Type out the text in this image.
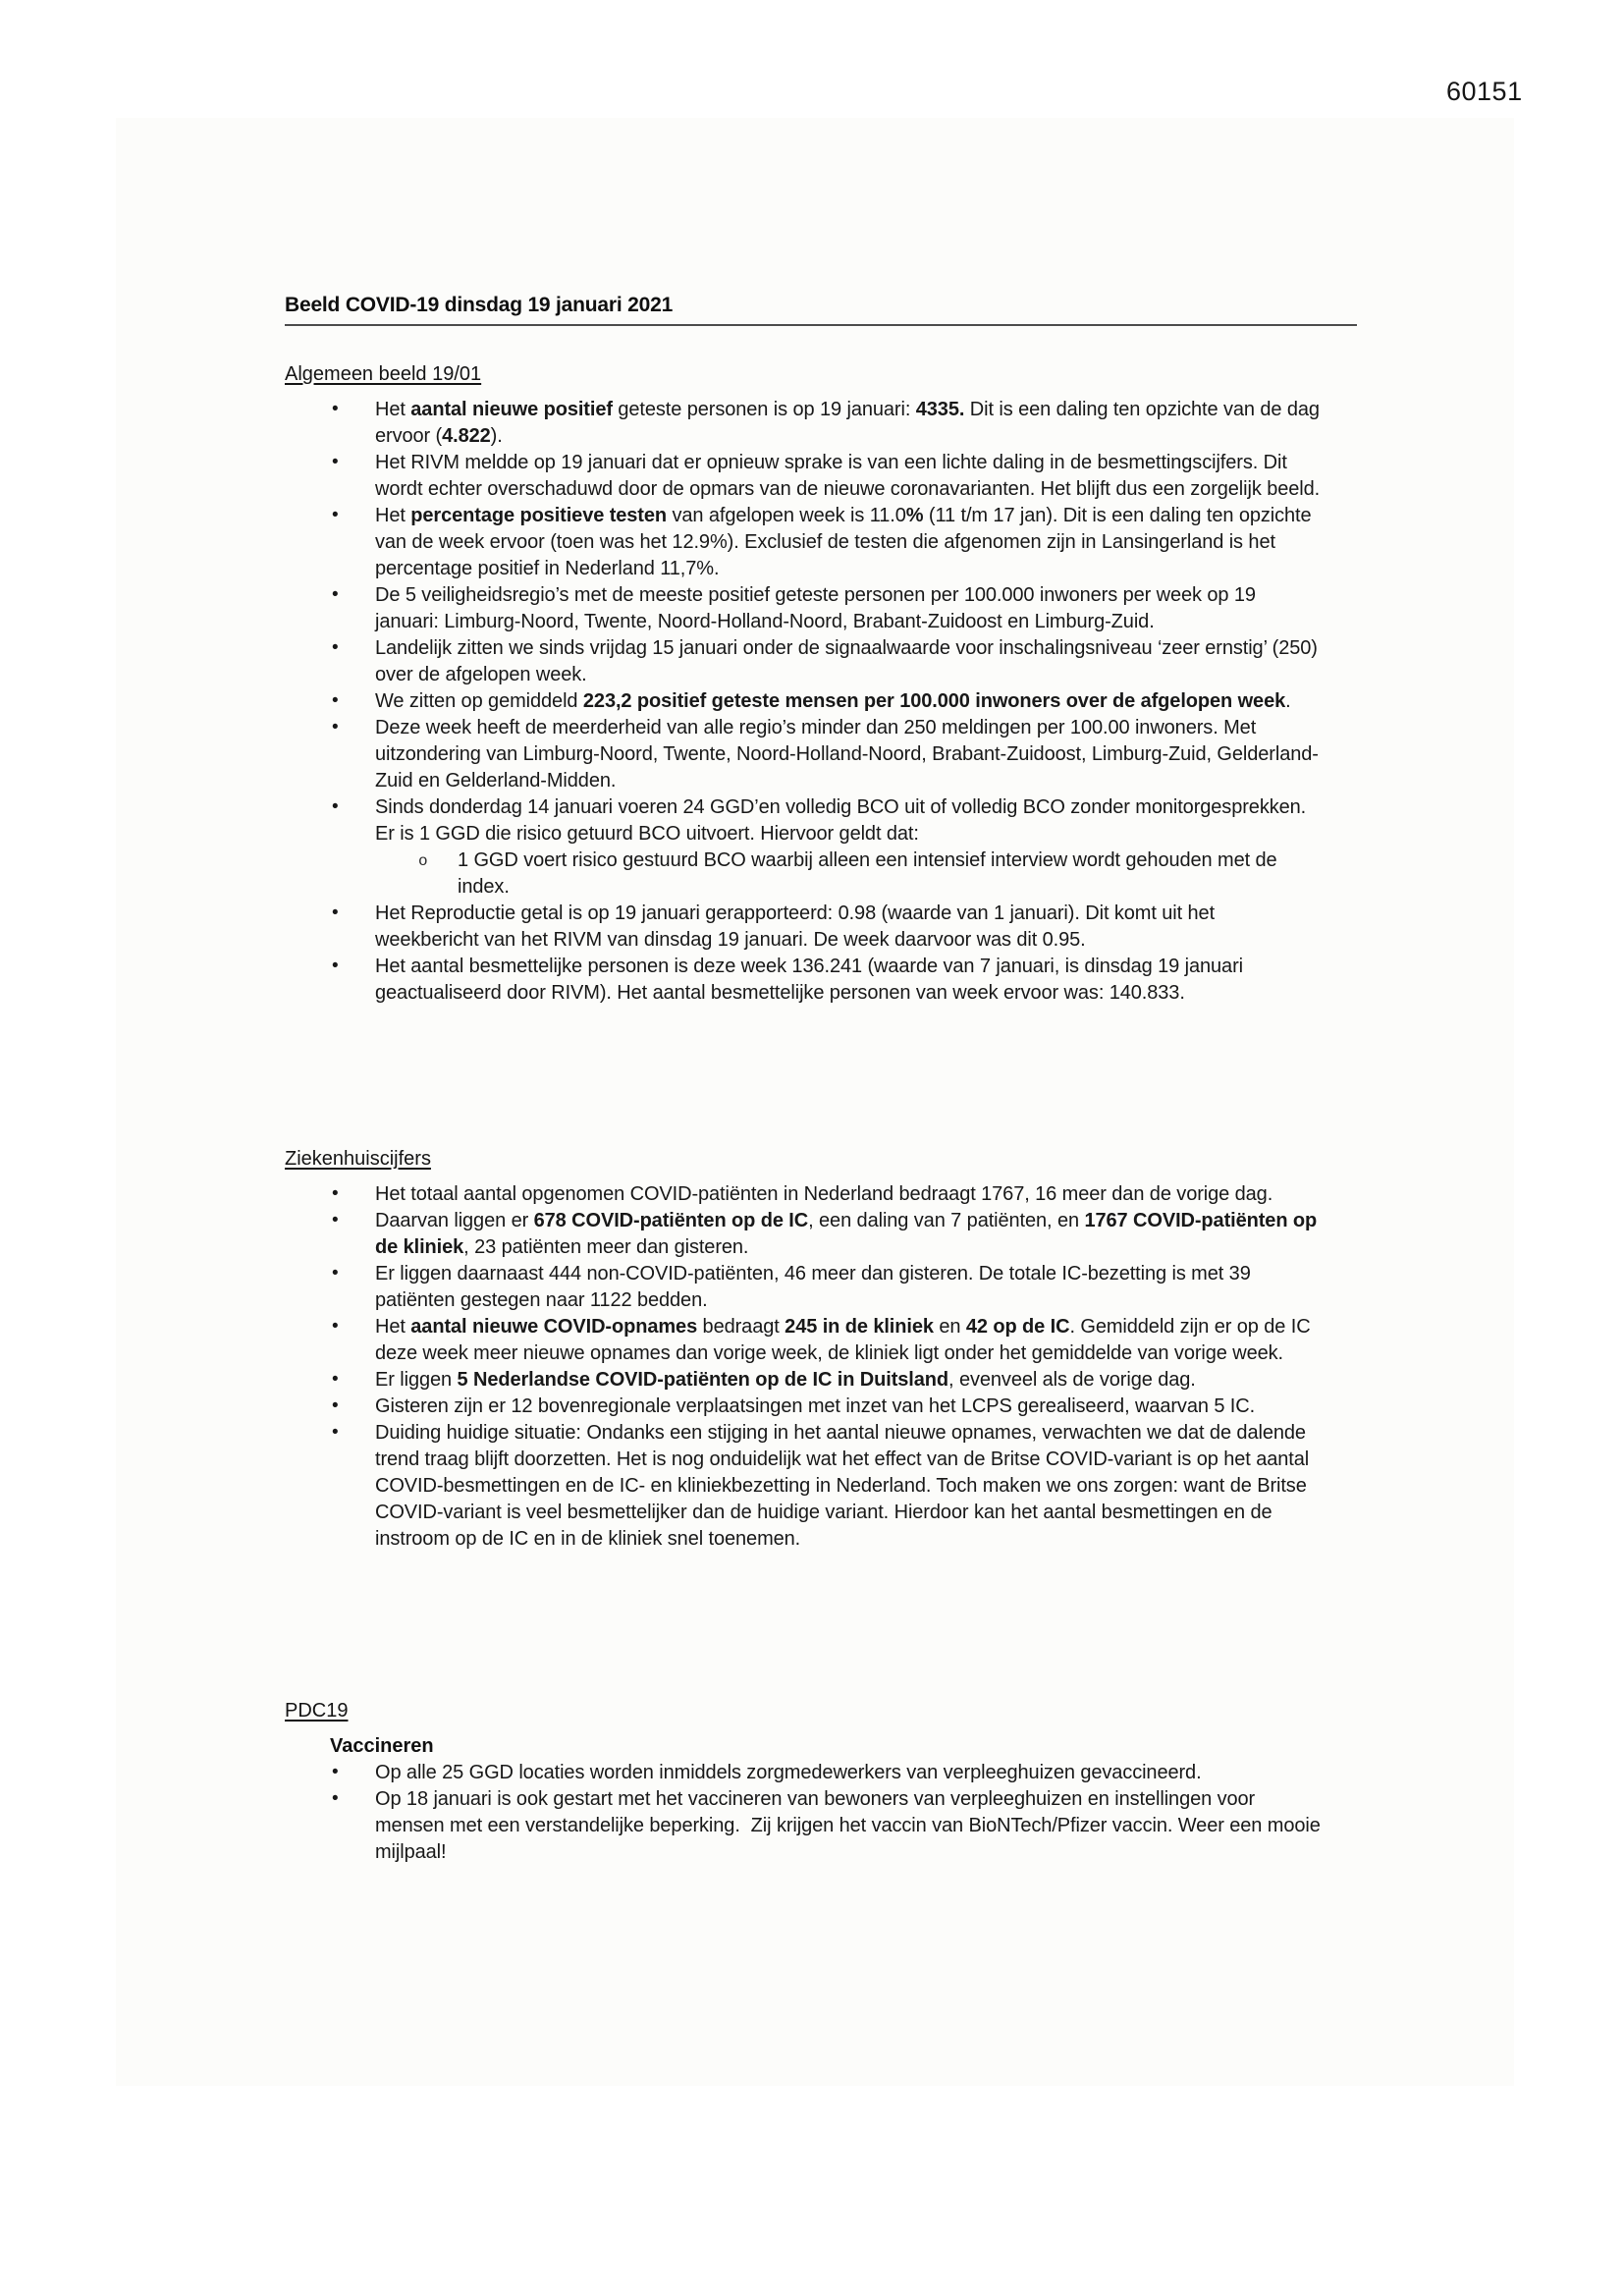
60151
Beeld COVID-19 dinsdag 19 januari 2021
Algemeen beeld 19/01
• Het aantal nieuwe positief geteste personen is op 19 januari: 4335. Dit is een daling ten opzichte van de dag ervoor (4.822).
• Het RIVM meldde op 19 januari dat er opnieuw sprake is van een lichte daling in de besmettingscijfers. Dit wordt echter overschaduwd door de opmars van de nieuwe coronavarianten. Het blijft dus een zorgelijk beeld.
• Het percentage positieve testen van afgelopen week is 11.0% (11 t/m 17 jan). Dit is een daling ten opzichte van de week ervoor (toen was het 12.9%). Exclusief de testen die afgenomen zijn in Lansingerland is het percentage positief in Nederland 11,7%.
• De 5 veiligheidsregio’s met de meeste positief geteste personen per 100.000 inwoners per week op 19 januari: Limburg-Noord, Twente, Noord-Holland-Noord, Brabant-Zuidoost en Limburg-Zuid.
• Landelijk zitten we sinds vrijdag 15 januari onder de signaalwaarde voor inschalingsniveau ‘zeer ernstig’ (250) over de afgelopen week.
• We zitten op gemiddeld 223,2 positief geteste mensen per 100.000 inwoners over de afgelopen week.
• Deze week heeft de meerderheid van alle regio’s minder dan 250 meldingen per 100.00 inwoners. Met uitzondering van Limburg-Noord, Twente, Noord-Holland-Noord, Brabant-Zuidoost, Limburg-Zuid, Gelderland-Zuid en Gelderland-Midden.
• Sinds donderdag 14 januari voeren 24 GGD’en volledig BCO uit of volledig BCO zonder monitorgesprekken. Er is 1 GGD die risico getuurd BCO uitvoert. Hiervoor geldt dat:
o 1 GGD voert risico gestuurd BCO waarbij alleen een intensief interview wordt gehouden met de index.
• Het Reproductie getal is op 19 januari gerapporteerd: 0.98 (waarde van 1 januari). Dit komt uit het weekbericht van het RIVM van dinsdag 19 januari. De week daarvoor was dit 0.95.
• Het aantal besmettelijke personen is deze week 136.241 (waarde van 7 januari, is dinsdag 19 januari geactualiseerd door RIVM). Het aantal besmettelijke personen van week ervoor was: 140.833.
Ziekenhuiscijfers
• Het totaal aantal opgenomen COVID-patiënten in Nederland bedraagt 1767, 16 meer dan de vorige dag.
• Daarvan liggen er 678 COVID-patiënten op de IC, een daling van 7 patiënten, en 1767 COVID-patiënten op de kliniek, 23 patiënten meer dan gisteren.
• Er liggen daarnaast 444 non-COVID-patiënten, 46 meer dan gisteren. De totale IC-bezetting is met 39 patiënten gestegen naar 1122 bedden.
• Het aantal nieuwe COVID-opnames bedraagt 245 in de kliniek en 42 op de IC. Gemiddeld zijn er op de IC deze week meer nieuwe opnames dan vorige week, de kliniek ligt onder het gemiddelde van vorige week.
• Er liggen 5 Nederlandse COVID-patiënten op de IC in Duitsland, evenveel als de vorige dag.
• Gisteren zijn er 12 bovenregionale verplaatsingen met inzet van het LCPS gerealiseerd, waarvan 5 IC.
• Duiding huidige situatie: Ondanks een stijging in het aantal nieuwe opnames, verwachten we dat de dalende trend traag blijft doorzetten. Het is nog onduidelijk wat het effect van de Britse COVID-variant is op het aantal COVID-besmettingen en de IC- en kliniekbezetting in Nederland. Toch maken we ons zorgen: want de Britse COVID-variant is veel besmettelijker dan de huidige variant. Hierdoor kan het aantal besmettingen en de instroom op de IC en in de kliniek snel toenemen.
PDC19
Vaccineren
• Op alle 25 GGD locaties worden inmiddels zorgmedewerkers van verpleeghuizen gevaccineerd.
• Op 18 januari is ook gestart met het vaccineren van bewoners van verpleeghuizen en instellingen voor mensen met een verstandelijke beperking.  Zij krijgen het vaccin van BioNTech/Pfizer vaccin. Weer een mooie mijlpaal!
